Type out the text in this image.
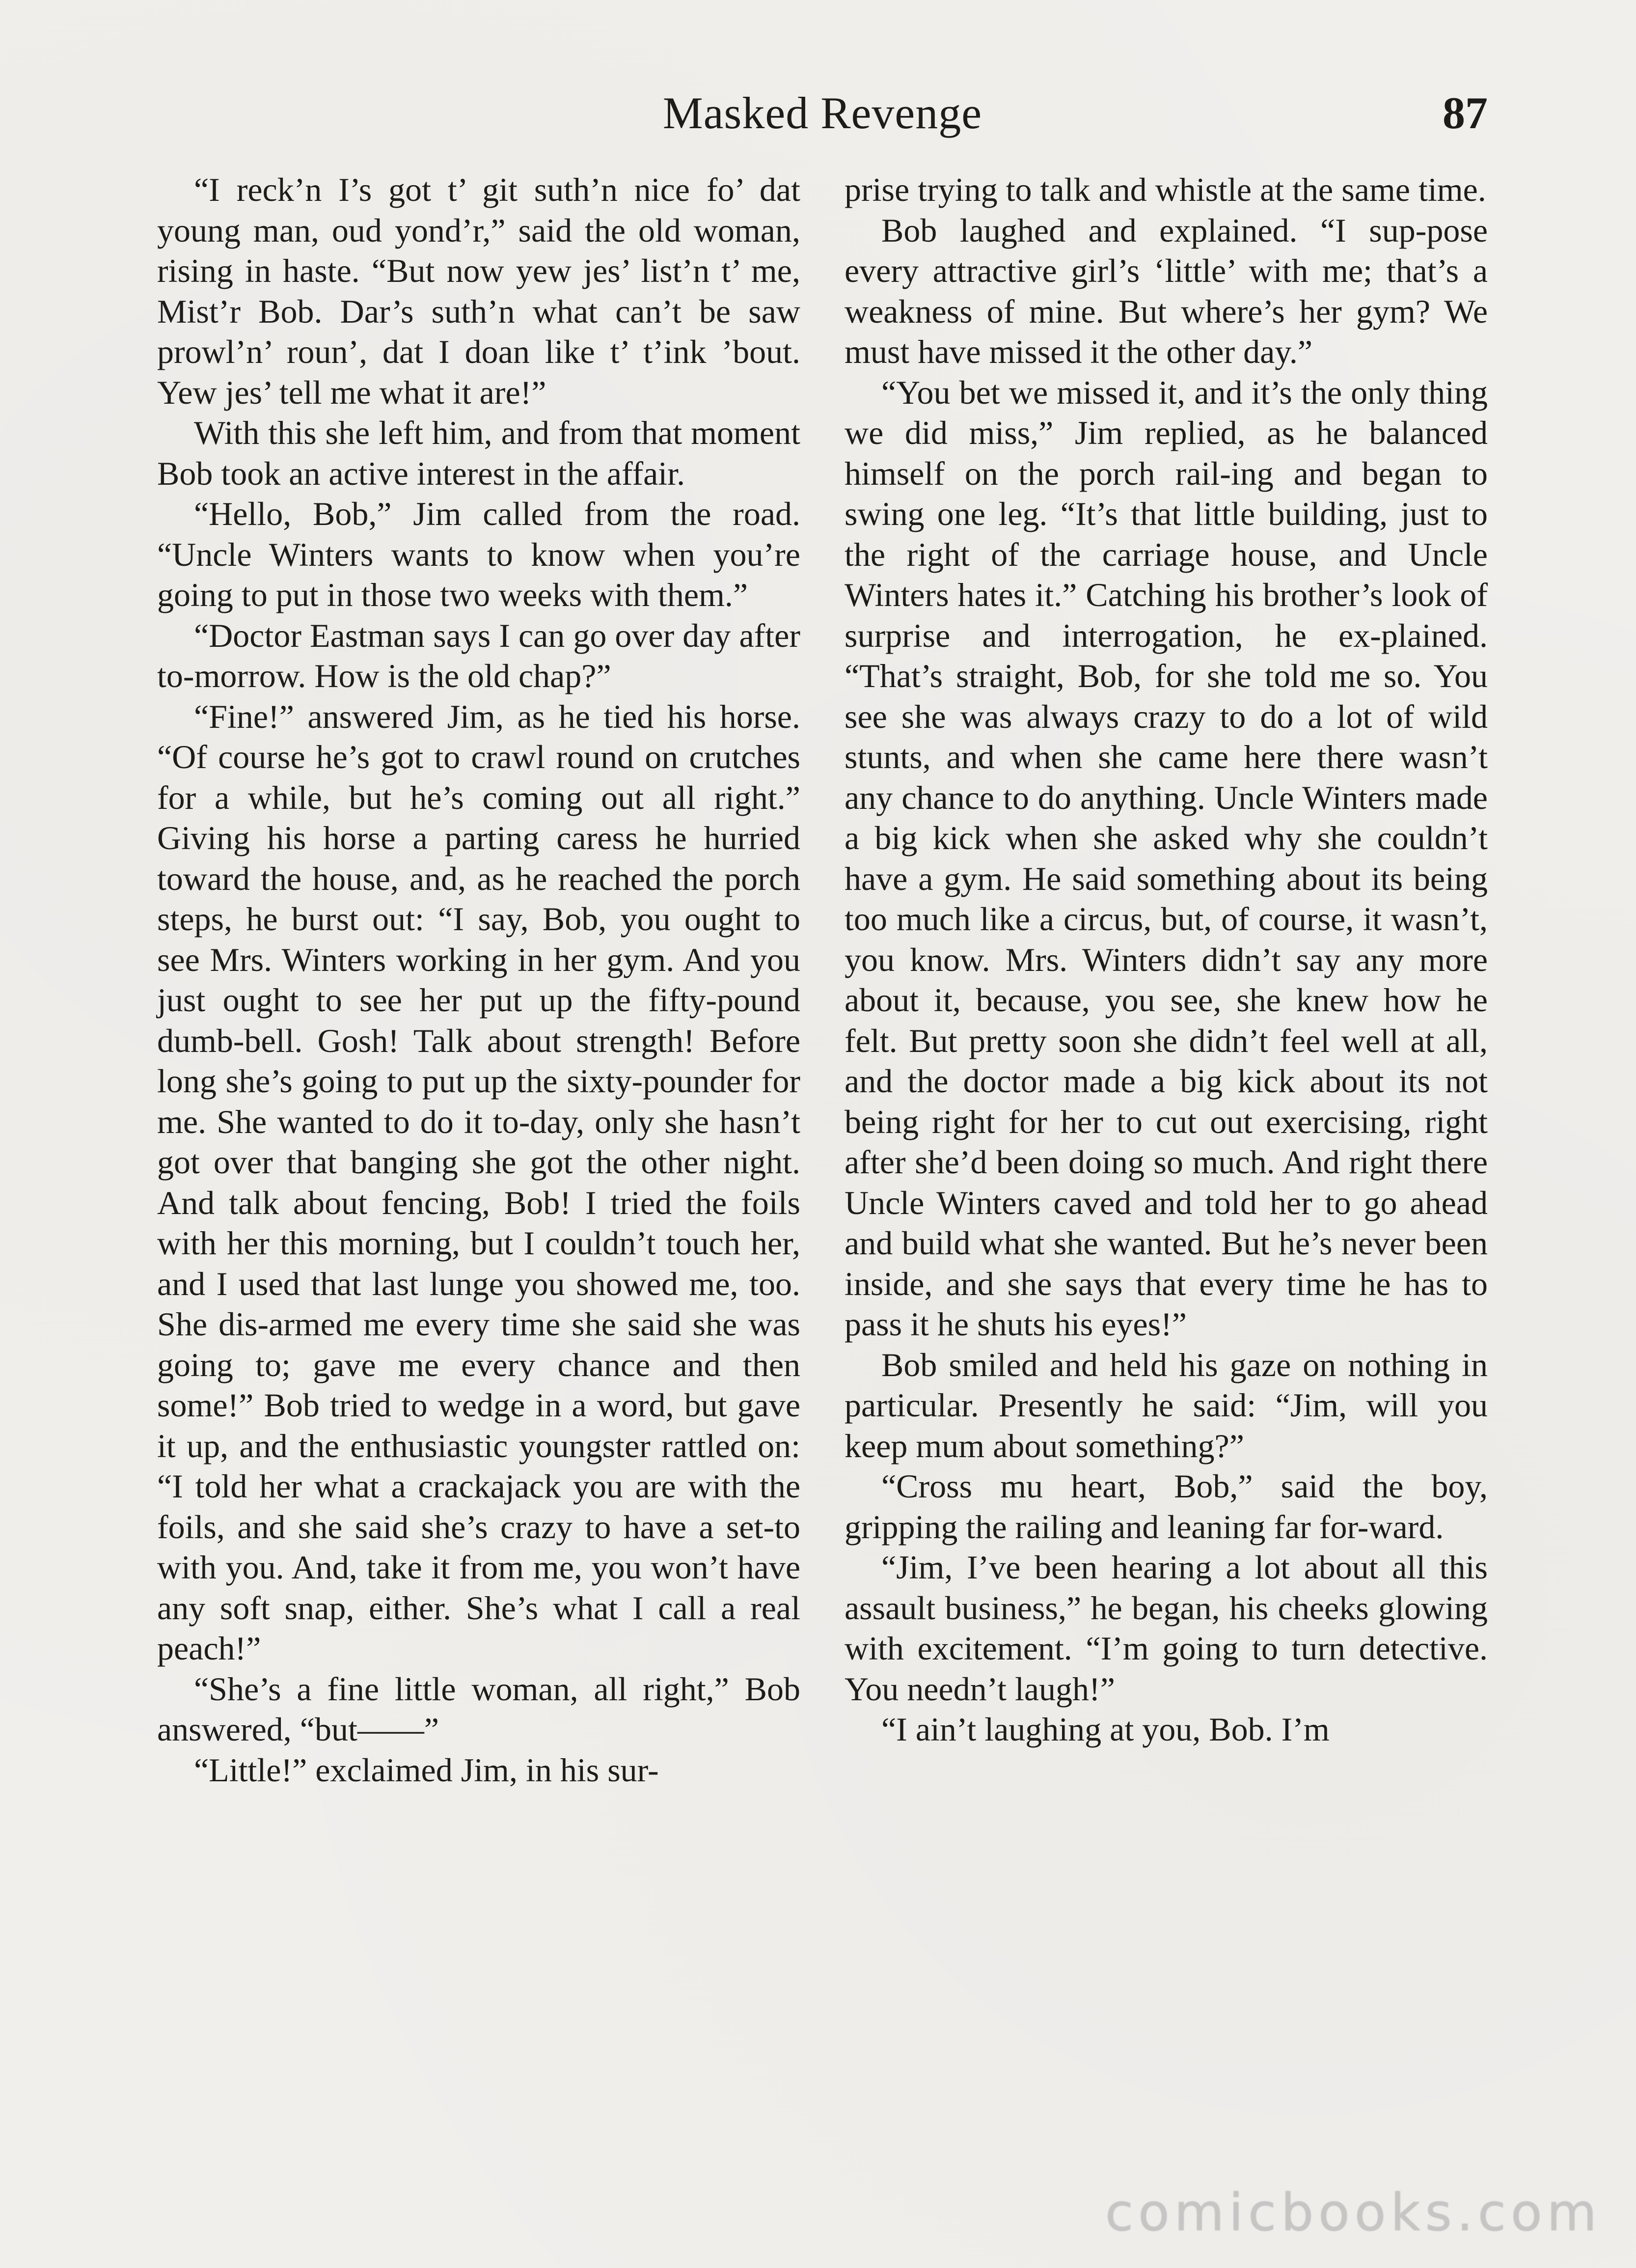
Masked Revenge	87

“I reck’n I’s got t’ git suth’n nice fo’ dat young man, oud yond’r,” said the old woman, rising in haste. “But now yew jes’ list’n t’ me, Mist’r Bob. Dar’s suth’n what can’t be saw prowl’n’ roun’, dat I doan like t’ t’ink ’bout. Yew jes’ tell me what it are!”

With this she left him, and from that moment Bob took an active interest in the affair.

“Hello, Bob,” Jim called from the road. “Uncle Winters wants to know when you’re going to put in those two weeks with them.”

“Doctor Eastman says I can go over day after to-morrow. How is the old chap?”

“Fine!” answered Jim, as he tied his horse. “Of course he’s got to crawl round on crutches for a while, but he’s coming out all right.” Giving his horse a parting caress he hurried toward the house, and, as he reached the porch steps, he burst out: “I say, Bob, you ought to see Mrs. Winters working in her gym. And you just ought to see her put up the fifty-pound dumb-bell. Gosh! Talk about strength! Before long she’s going to put up the sixty-pounder for me. She wanted to do it to-day, only she hasn’t got over that banging she got the other night. And talk about fencing, Bob! I tried the foils with her this morning, but I couldn’t touch her, and I used that last lunge you showed me, too. She dis-armed me every time she said she was going to; gave me every chance and then some!” Bob tried to wedge in a word, but gave it up, and the enthusiastic youngster rattled on: “I told her what a crackajack you are with the foils, and she said she’s crazy to have a set-to with you. And, take it from me, you won’t have any soft snap, either. She’s what I call a real peach!”

“She’s a fine little woman, all right,” Bob answered, “but——”

“Little!” exclaimed Jim, in his sur-

prise trying to talk and whistle at the same time.

Bob laughed and explained. “I sup-pose every attractive girl’s ‘little’ with me; that’s a weakness of mine. But where’s her gym? We must have missed it the other day.”

“You bet we missed it, and it’s the only thing we did miss,” Jim replied, as he balanced himself on the porch rail-ing and began to swing one leg. “It’s that little building, just to the right of the carriage house, and Uncle Winters hates it.” Catching his brother’s look of surprise and interrogation, he ex-plained. “That’s straight, Bob, for she told me so. You see she was always crazy to do a lot of wild stunts, and when she came here there wasn’t any chance to do anything. Uncle Winters made a big kick when she asked why she couldn’t have a gym. He said something about its being too much like a circus, but, of course, it wasn’t, you know. Mrs. Winters didn’t say any more about it, because, you see, she knew how he felt. But pretty soon she didn’t feel well at all, and the doctor made a big kick about its not being right for her to cut out exercising, right after she’d been doing so much. And right there Uncle Winters caved and told her to go ahead and build what she wanted. But he’s never been inside, and she says that every time he has to pass it he shuts his eyes!”

Bob smiled and held his gaze on nothing in particular. Presently he said: “Jim, will you keep mum about something?”

“Cross mu heart, Bob,” said the boy, gripping the railing and leaning far for-ward.

“Jim, I’ve been hearing a lot about all this assault business,” he began, his cheeks glowing with excitement. “I’m going to turn detective. You needn’t laugh!”

“I ain’t laughing at you, Bob. I’m

comicbooks.com
